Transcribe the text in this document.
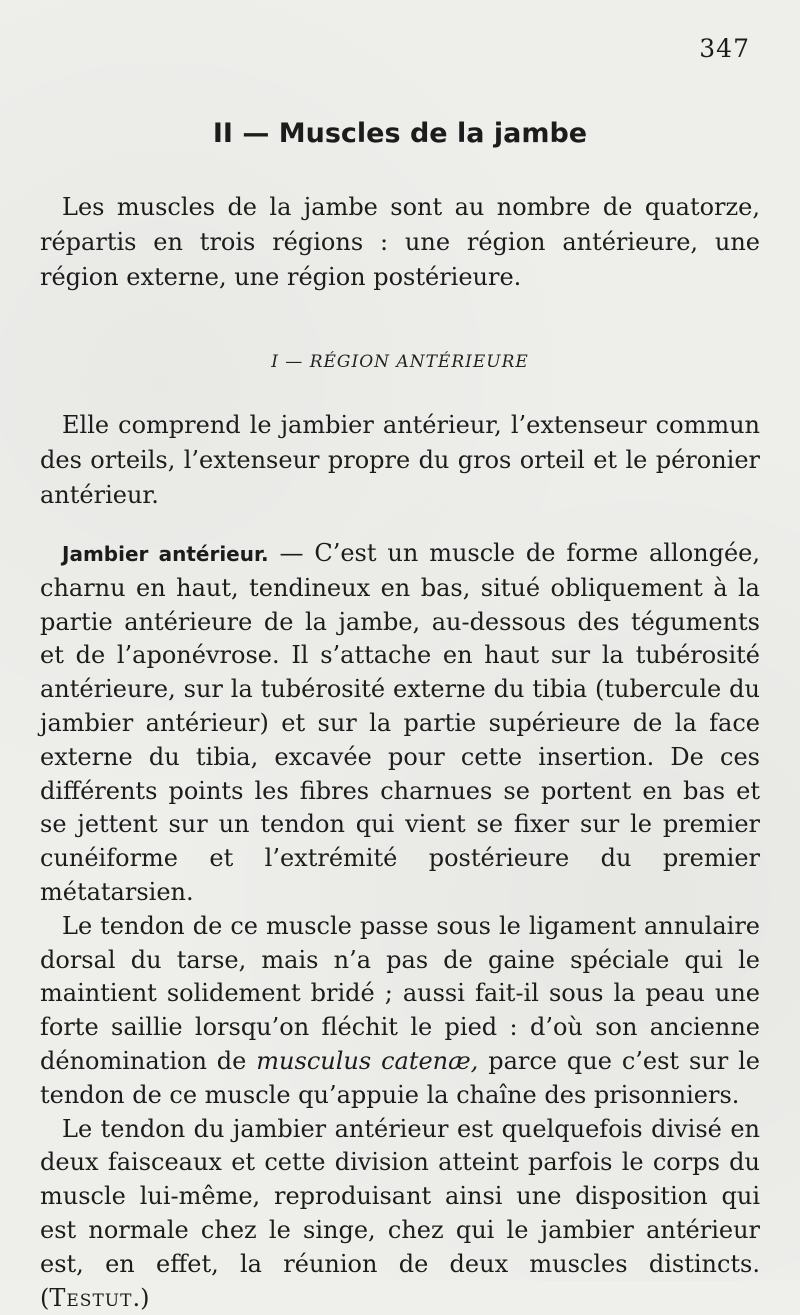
347
II — Muscles de la jambe

Les muscles de la jambe sont au nombre de quatorze, répartis en trois régions : une région antérieure, une région externe, une région postérieure.

I — RÉGION ANTÉRIEURE

Elle comprend le jambier antérieur, l’extenseur commun des orteils, l’extenseur propre du gros orteil et le péronier antérieur.

Jambier antérieur. — C’est un muscle de forme allongée, charnu en haut, tendineux en bas, situé obliquement à la partie antérieure de la jambe, au-dessous des téguments et de l’aponévrose. Il s’attache en haut sur la tubérosité antérieure, sur la tubérosité externe du tibia (tubercule du jambier antérieur) et sur la partie supérieure de la face externe du tibia, excavée pour cette insertion. De ces différents points les fibres charnues se portent en bas et se jettent sur un tendon qui vient se fixer sur le premier cunéiforme et l’extrémité postérieure du premier métatarsien.

Le tendon de ce muscle passe sous le ligament annulaire dorsal du tarse, mais n’a pas de gaine spéciale qui le maintient solidement bridé ; aussi fait-il sous la peau une forte saillie lorsqu’on fléchit le pied : d’où son ancienne dénomination de musculus catenæ, parce que c’est sur le tendon de ce muscle qu’appuie la chaîne des prisonniers.

Le tendon du jambier antérieur est quelquefois divisé en deux faisceaux et cette division atteint parfois le corps du muscle lui-même, reproduisant ainsi une disposition qui est normale chez le singe, chez qui le jambier antérieur est, en effet, la réunion de deux muscles distincts. (Testut.)
